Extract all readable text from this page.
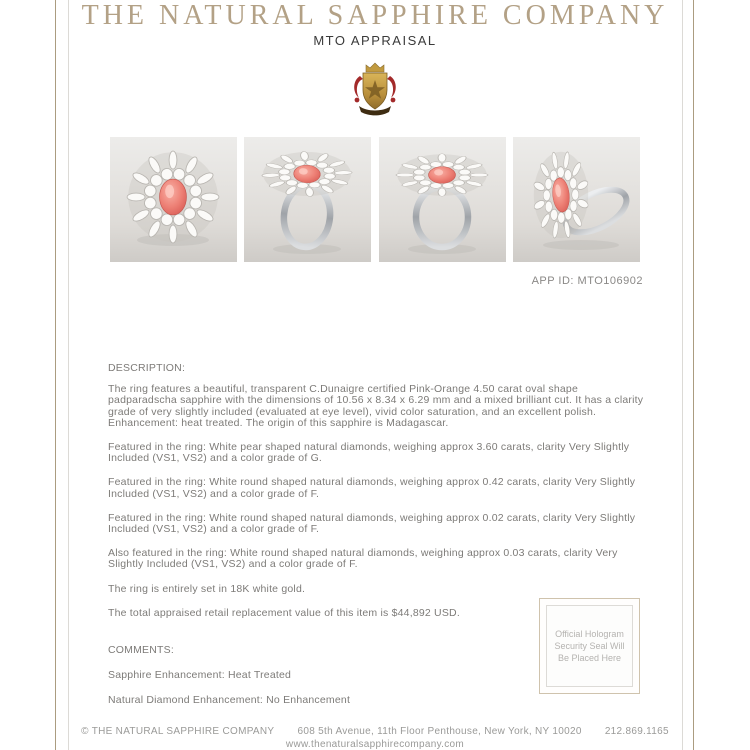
THE NATURAL SAPPHIRE COMPANY
MTO APPRAISAL
APP ID: MTO106902
DESCRIPTION:

The ring features a beautiful, transparent C.Dunaigre certified Pink-Orange 4.50 carat oval shape padparadscha sapphire with the dimensions of 10.56 x 8.34 x 6.29 mm and a mixed brilliant cut. It has a clarity grade of very slightly included (evaluated at eye level), vivid color saturation, and an excellent polish. Enhancement: heat treated. The origin of this sapphire is Madagascar.

Featured in the ring: White pear shaped natural diamonds, weighing approx 3.60 carats, clarity Very Slightly Included (VS1, VS2) and a color grade of G.

Featured in the ring: White round shaped natural diamonds, weighing approx 0.42 carats, clarity Very Slightly Included (VS1, VS2) and a color grade of F.

Featured in the ring: White round shaped natural diamonds, weighing approx 0.02 carats, clarity Very Slightly Included (VS1, VS2) and a color grade of F.

Also featured in the ring: White round shaped natural diamonds, weighing approx 0.03 carats, clarity Very Slightly Included (VS1, VS2) and a color grade of F.

The ring is entirely set in 18K white gold.

The total appraised retail replacement value of this item is $44,892 USD.

COMMENTS:

Sapphire Enhancement: Heat Treated

Natural Diamond Enhancement: No Enhancement

Official Hologram Security Seal Will Be Placed Here
© THE NATURAL SAPPHIRE COMPANY 608 5th Avenue, 11th Floor Penthouse, New York, NY 10020 212.869.1165
www.thenaturalsapphirecompany.com
